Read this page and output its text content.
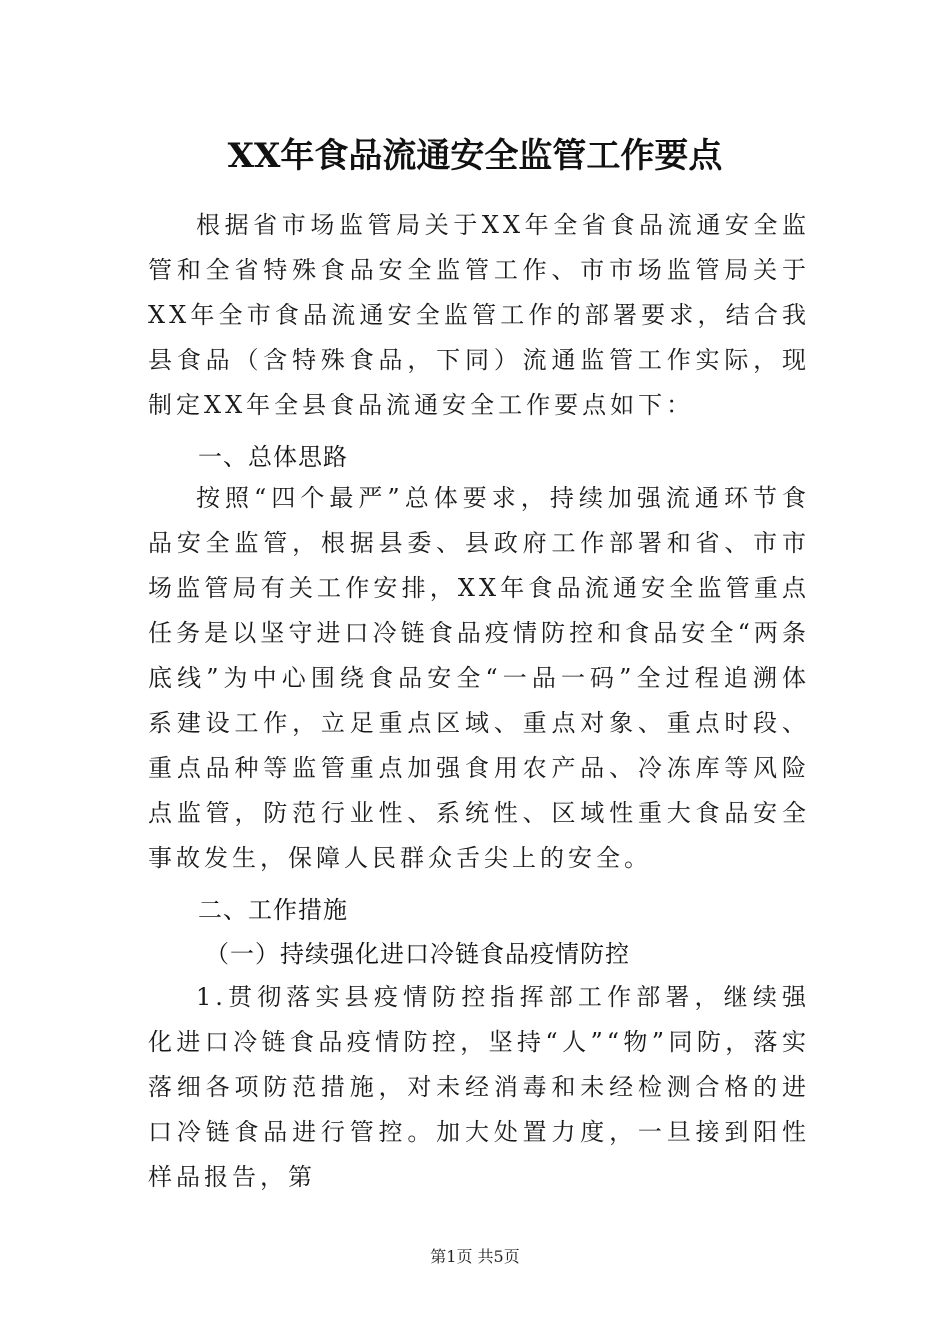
XX年食品流通安全监管工作要点
根据省市场监管局关于XX年全省食品流通安全监管和全省特殊食品安全监管工作、市市场监管局关于XX年全市食品流通安全监管工作的部署要求，结合我县食品（含特殊食品，下同）流通监管工作实际，现制定XX年全县食品流通安全工作要点如下：
一、总体思路
按照“四个最严”总体要求，持续加强流通环节食品安全监管，根据县委、县政府工作部署和省、市市场监管局有关工作安排，XX年食品流通安全监管重点任务是以坚守进口冷链食品疫情防控和食品安全“两条底线”为中心围绕食品安全“一品一码”全过程追溯体系建设工作，立足重点区域、重点对象、重点时段、重点品种等监管重点加强食用农产品、冷冻库等风险点监管，防范行业性、系统性、区域性重大食品安全事故发生，保障人民群众舌尖上的安全。
二、工作措施
（一）持续强化进口冷链食品疫情防控
1.贯彻落实县疫情防控指挥部工作部署，继续强化进口冷链食品疫情防控，坚持“人”“物”同防，落实落细各项防范措施，对未经消毒和未经检测合格的进口冷链食品进行管控。加大处置力度，一旦接到阳性样品报告，第
第1页 共5页
